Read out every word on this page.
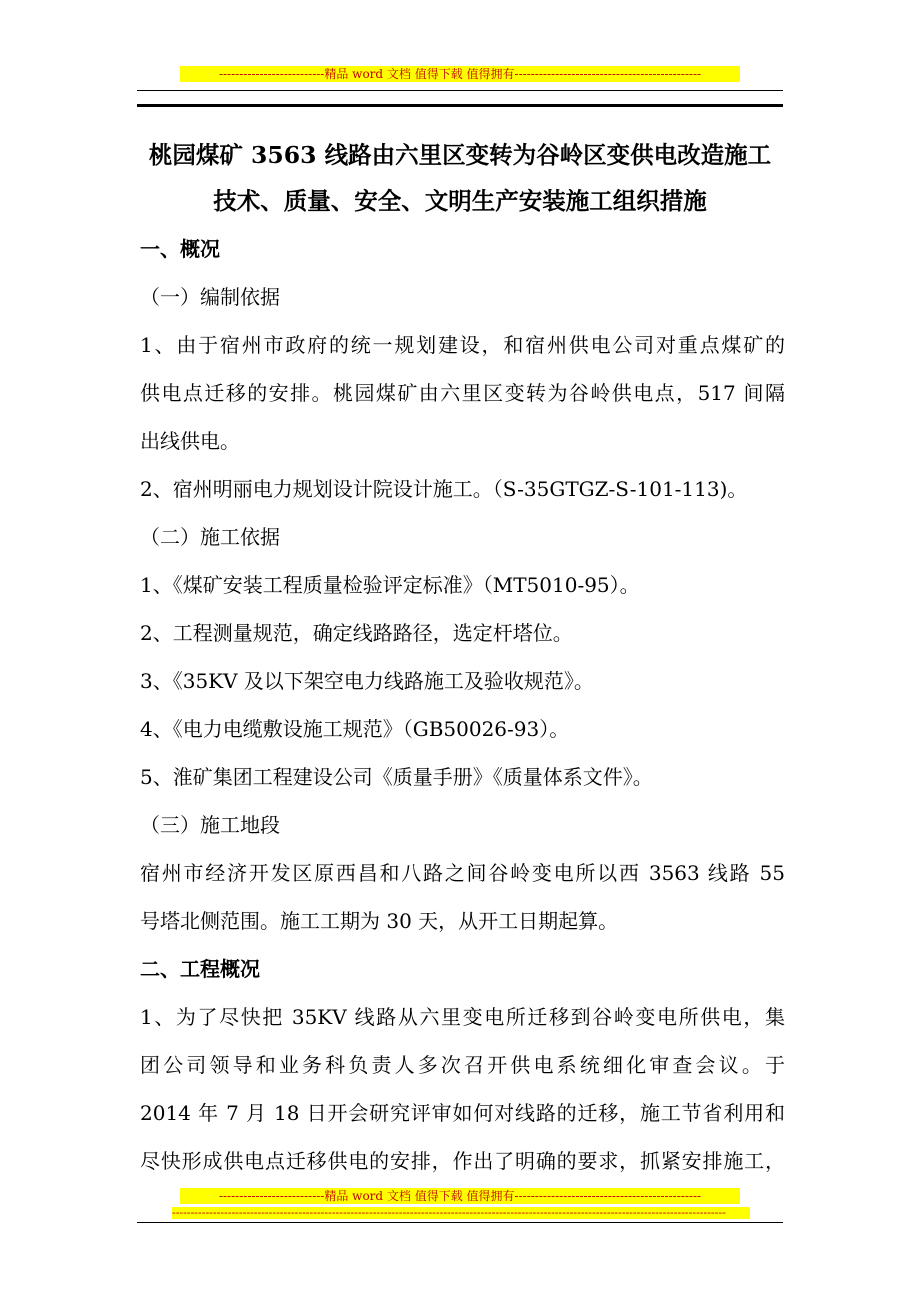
--------------------------精品 word 文档 值得下载 值得拥有----------------------------------------------
桃园煤矿 3563 线路由六里区变转为谷岭区变供电改造施工
技术、质量、安全、文明生产安装施工组织措施
一、概况
（一）编制依据
1、由于宿州市政府的统一规划建设，和宿州供电公司对重点煤矿的
供电点迁移的安排。桃园煤矿由六里区变转为谷岭供电点，517 间隔
出线供电。
2、宿州明丽电力规划设计院设计施工。（S-35GTGZ-S-101-113)。
（二）施工依据
1、《煤矿安装工程质量检验评定标准》（MT5010-95）。
2、工程测量规范，确定线路路径，选定杆塔位。
3、《35KV 及以下架空电力线路施工及验收规范》。
4、《电力电缆敷设施工规范》（GB50026-93）。
5、淮矿集团工程建设公司《质量手册》《质量体系文件》。
（三）施工地段
宿州市经济开发区原西昌和八路之间谷岭变电所以西 3563 线路 55
号塔北侧范围。施工工期为 30 天，从开工日期起算。
二、工程概况
1、为了尽快把 35KV 线路从六里变电所迁移到谷岭变电所供电，集
团公司领导和业务科负责人多次召开供电系统细化审查会议。于
2014 年 7 月 18 日开会研究评审如何对线路的迁移，施工节省利用和
尽快形成供电点迁移供电的安排，作出了明确的要求，抓紧安排施工，
--------------------------精品 word 文档 值得下载 值得拥有----------------------------------------------
-----------------------------------------------------------------------------------------------------------------------------------------------------
